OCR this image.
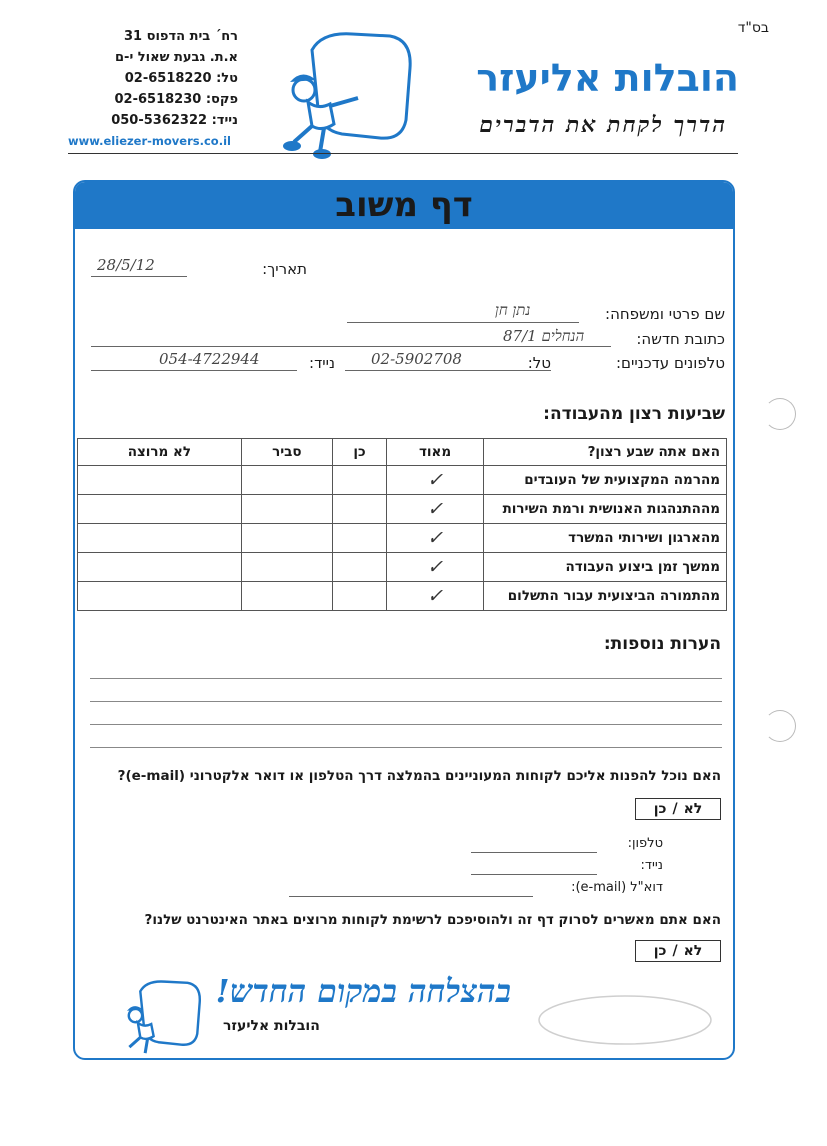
בס"ד
רח´ בית הדפוס 31
א.ת. גבעת שאול י-ם
טל: 02-6518220
פקס: 02-6518230
נייד: 050-5362322
www.eliezer-movers.co.il
הובלות אליעזר
הדרך לקחת את הדברים
דף משוב
תאריך:
28/5/12
שם פרטי ומשפחה:
נתן חן
כתובת חדשה:
הנחלים 87/1
טלפונים עדכניים:
טל:
02-5902708
נייד:
054-4722944
שביעות רצון מהעבודה:
האם אתה שבע רצון?	מאוד	כן	סביר	לא מרוצה
מהרמה המקצועית של העובדים	✓			
מההתנהגות האנושית ורמת השירות	✓			
מהארגון ושירותי המשרד	✓			
ממשך זמן ביצוע העבודה	✓			
מהתמורה הביצועית עבור התשלום	✓			
הערות נוספות:
האם נוכל להפנות אליכם לקוחות המעוניינים בהמלצה דרך הטלפון או דואר אלקטרוני (e-mail)?
לא
/
כן
טלפון:
נייד:
דוא"ל (e-mail):
האם אתם מאשרים לסרוק דף זה ולהוסיפכם לרשימת לקוחות מרוצים באתר האינטרנט שלנו?
לא
/
כן
בהצלחה במקום החדש!
הובלות אליעזר
